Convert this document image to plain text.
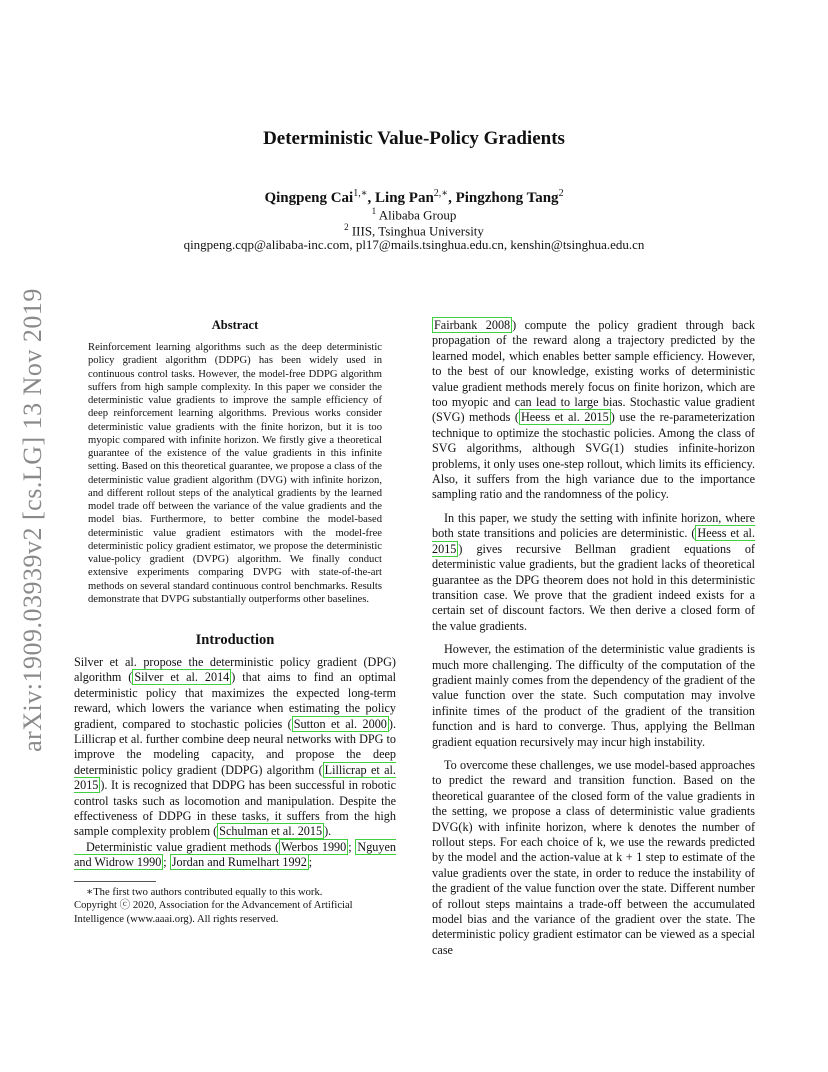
arXiv:1909.03939v2 [cs.LG] 13 Nov 2019
Deterministic Value-Policy Gradients
Qingpeng Cai$^{1,∗}$, Ling Pan$^{2,∗}$, Pingzhong Tang$^2$
$^1$ Alibaba Group
$^2$ IIIS, Tsinghua University
qingpeng.cqp@alibaba-inc.com, pl17@mails.tsinghua.edu.cn, kenshin@tsinghua.edu.cn
Abstract

Reinforcement learning algorithms such as the deep deterministic policy gradient algorithm (DDPG) has been widely used in continuous control tasks. However, the model-free DDPG algorithm suffers from high sample complexity. In this paper we consider the deterministic value gradients to improve the sample efficiency of deep reinforcement learning algorithms. Previous works consider deterministic value gradients with the finite horizon, but it is too myopic compared with infinite horizon. We firstly give a theoretical guarantee of the existence of the value gradients in this infinite setting. Based on this theoretical guarantee, we propose a class of the deterministic value gradient algorithm (DVG) with infinite horizon, and different rollout steps of the analytical gradients by the learned model trade off between the variance of the value gradients and the model bias. Furthermore, to better combine the model-based deterministic value gradient estimators with the model-free deterministic policy gradient estimator, we propose the deterministic value-policy gradient (DVPG) algorithm. We finally conduct extensive experiments comparing DVPG with state-of-the-art methods on several standard continuous control benchmarks. Results demonstrate that DVPG substantially outperforms other baselines.

Introduction

Silver et al. propose the deterministic policy gradient (DPG) algorithm ( Silver et al. 2014 ) that aims to find an optimal deterministic policy that maximizes the expected long-term reward, which lowers the variance when estimating the policy gradient, compared to stochastic policies ( Sutton et al. 2000 ). Lillicrap et al. further combine deep neural networks with DPG to improve the modeling capacity, and propose the deep deterministic policy gradient (DDPG) algorithm ( Lillicrap et al. 2015 ). It is recognized that DDPG has been successful in robotic control tasks such as locomotion and manipulation. Despite the effectiveness of DDPG in these tasks, it suffers from the high sample complexity problem ( Schulman et al. 2015 ).

Deterministic value gradient methods ( Werbos 1990 ; Nguyen and Widrow 1990 ; Jordan and Rumelhart 1992 ;

∗The first two authors contributed equally to this work.

Copyright ⓒ 2020, Association for the Advancement of Artificial Intelligence (www.aaai.org). All rights reserved.

Fairbank 2008 ) compute the policy gradient through back propagation of the reward along a trajectory predicted by the learned model, which enables better sample efficiency. However, to the best of our knowledge, existing works of deterministic value gradient methods merely focus on finite horizon, which are too myopic and can lead to large bias. Stochastic value gradient (SVG) methods ( Heess et al. 2015 ) use the re-parameterization technique to optimize the stochastic policies. Among the class of SVG algorithms, although SVG(1) studies infinite-horizon problems, it only uses one-step rollout, which limits its efficiency. Also, it suffers from the high variance due to the importance sampling ratio and the randomness of the policy.

In this paper, we study the setting with infinite horizon, where both state transitions and policies are deterministic. ( Heess et al. 2015 ) gives recursive Bellman gradient equations of deterministic value gradients, but the gradient lacks of theoretical guarantee as the DPG theorem does not hold in this deterministic transition case. We prove that the gradient indeed exists for a certain set of discount factors. We then derive a closed form of the value gradients.

However, the estimation of the deterministic value gradients is much more challenging. The difficulty of the computation of the gradient mainly comes from the dependency of the gradient of the value function over the state. Such computation may involve infinite times of the product of the gradient of the transition function and is hard to converge. Thus, applying the Bellman gradient equation recursively may incur high instability.

To overcome these challenges, we use model-based approaches to predict the reward and transition function. Based on the theoretical guarantee of the closed form of the value gradients in the setting, we propose a class of deterministic value gradients DVG(k) with infinite horizon, where k denotes the number of rollout steps. For each choice of k, we use the rewards predicted by the model and the action-value at k + 1 step to estimate of the value gradients over the state, in order to reduce the instability of the gradient of the value function over the state. Different number of rollout steps maintains a trade-off between the accumulated model bias and the variance of the gradient over the state. The deterministic policy gradient estimator can be viewed as a special case
